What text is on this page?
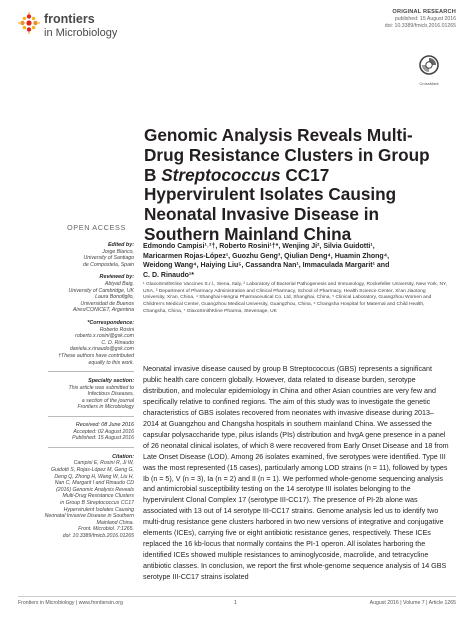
frontiers
in Microbiology
ORIGINAL RESEARCH
published: 15 August 2016
doi: 10.3389/fmicb.2016.01265
CrossMark
Genomic Analysis Reveals Multi-Drug Resistance Clusters in Group B Streptococcus CC17 Hypervirulent Isolates Causing Neonatal Invasive Disease in Southern Mainland China
OPEN ACCESS
Edited by:
Jorge Blanco,
University of Santiago
de Compostela, Spain
Reviewed by:
Abiyad Baig,
University of Cambridge, UK
Laura Bonofiglio,
Universidad de Buenos
Aires/CONICET, Argentina
*Correspondence:
Roberto Rosini
roberto.x.rosini@gsk.com
C. D. Rinaudo
daniela.x.rinaudo@gsk.com
†These authors have contributed
equally to this work.
Specialty section:
This article was submitted to
Infectious Diseases,
a section of the journal
Frontiers in Microbiology
Received: 08 June 2016
Accepted: 02 August 2016
Published: 15 August 2016
Citation:
Campisi E, Rosini R, Ji W,
Guidotti S, Rojas-López M, Geng G,
Deng Q, Zhong H, Wang W, Liu H,
Nan C, Margarit I and Rinaudo CD
(2016) Genomic Analysis Reveals
Multi-Drug Resistance Clusters
in Group B Streptococcus CC17
Hypervirulent Isolates Causing
Neonatal Invasive Disease in Southern
Mainland China.
Front. Microbiol. 7:1265.
doi: 10.3389/fmicb.2016.01265
Edmondo Campisi¹˒²†, Roberto Rosini¹†*, Wenjing Ji², Silvia Guidotti¹,
Maricarmen Rojas-López¹, Guozhu Geng³, Qiulian Deng⁴, Huamin Zhong⁴,
Weidong Wang⁴, Haiying Liu⁵, Cassandra Nan¹, Immaculada Margarit¹ and
C. D. Rinaudo¹*
¹ GlaxoSmithKline Vaccines S.r.l., Siena, Italy, ² Laboratory of Bacterial Pathogenesis and Immunology, Rockefeller University, New York, NY, USA, ³ Department of Pharmacy Administration and Clinical Pharmacy, School of Pharmacy, Health Science Center, Xi'an Jiaotong University, Xi'an, China, ⁴ Shanghai Hengrui Pharmaceutical Co. Ltd, Shanghai, China, ⁵ Clinical Laboratory, Guangzhou Women and Children's Medical Center, Guangzhou Medical University, Guangzhou, China, ⁶ Changsha Hospital for Maternal and Child Health, Changsha, China, ⁷ GlaxoSmithKline Pharma, Stevenage, UK
Neonatal invasive disease caused by group B Streptococcus (GBS) represents a significant public health care concern globally. However, data related to disease burden, serotype distribution, and molecular epidemiology in China and other Asian countries are very few and specifically relative to confined regions. The aim of this study was to investigate the genetic characteristics of GBS isolates recovered from neonates with invasive disease during 2013–2014 at Guangzhou and Changsha hospitals in southern mainland China. We assessed the capsular polysaccharide type, pilus islands (PIs) distribution and hvgA gene presence in a panel of 26 neonatal clinical isolates, of which 8 were recovered from Early Onset Disease and 18 from Late Onset Disease (LOD). Among 26 isolates examined, five serotypes were identified. Type III was the most represented (15 cases), particularly among LOD strains (n = 11), followed by types Ib (n = 5), V (n = 3), Ia (n = 2) and II (n = 1). We performed whole-genome sequencing analysis and antimicrobial susceptibility testing on the 14 serotype III isolates belonging to the hypervirulent Clonal Complex 17 (serotype III-CC17). The presence of PI-2b alone was associated with 13 out of 14 serotype III-CC17 strains. Genome analysis led us to identify two multi-drug resistance gene clusters harbored in two new versions of integrative and conjugative elements (ICEs), carrying five or eight antibiotic resistance genes, respectively. These ICEs replaced the 16 kb-locus that normally contains the PI-1 operon. All isolates harboring the identified ICEs showed multiple resistances to aminoglycoside, macrolide, and tetracycline antibiotic classes. In conclusion, we report the first whole-genome sequence analysis of 14 GBS serotype III-CC17 strains isolated
Frontiers in Microbiology | www.frontiersin.org	1	August 2016 | Volume 7 | Article 1265
